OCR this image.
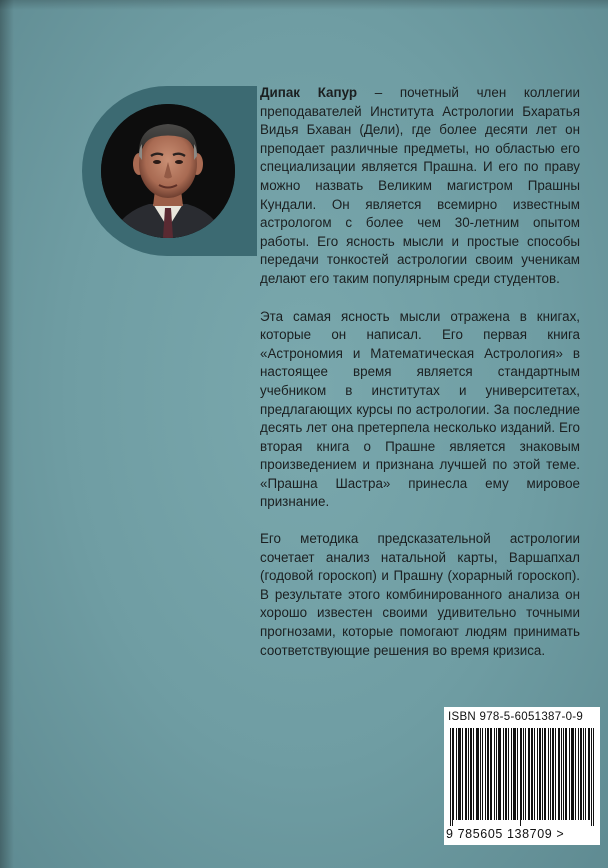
Дипак Капур – почетный член коллегии преподавателей Института Астрологии Бхаратья Видья Бхаван (Дели), где более десяти лет он преподает различные предметы, но областью его специализации является Прашна. И его по праву можно назвать Великим магистром Прашны Кундали. Он является всемирно известным астрологом с более чем 30-летним опытом работы. Его ясность мысли и простые способы передачи тонкостей астрологии своим ученикам делают его таким популярным среди студентов.

Эта самая ясность мысли отражена в книгах, которые он написал. Его первая книга «Астрономия и Математическая Астрология» в настоящее время является стандартным учебником в институтах и университетах, предлагающих курсы по астрологии. За последние десять лет она претерпела несколько изданий. Его вторая книга о Прашне является знаковым произведением и признана лучшей по этой теме. «Прашна Шастра» принесла ему мировое признание.

Его методика предсказательной астрологии сочетает анализ натальной карты, Варшапхал (годовой гороскоп) и Прашну (хорарный гороскоп). В результате этого комбинированного анализа он хорошо известен своими удивительно точными прогнозами, которые помогают людям принимать соответствующие решения во время кризиса.

ISBN 978-5-6051387-0-9
9 785605 138709 >
